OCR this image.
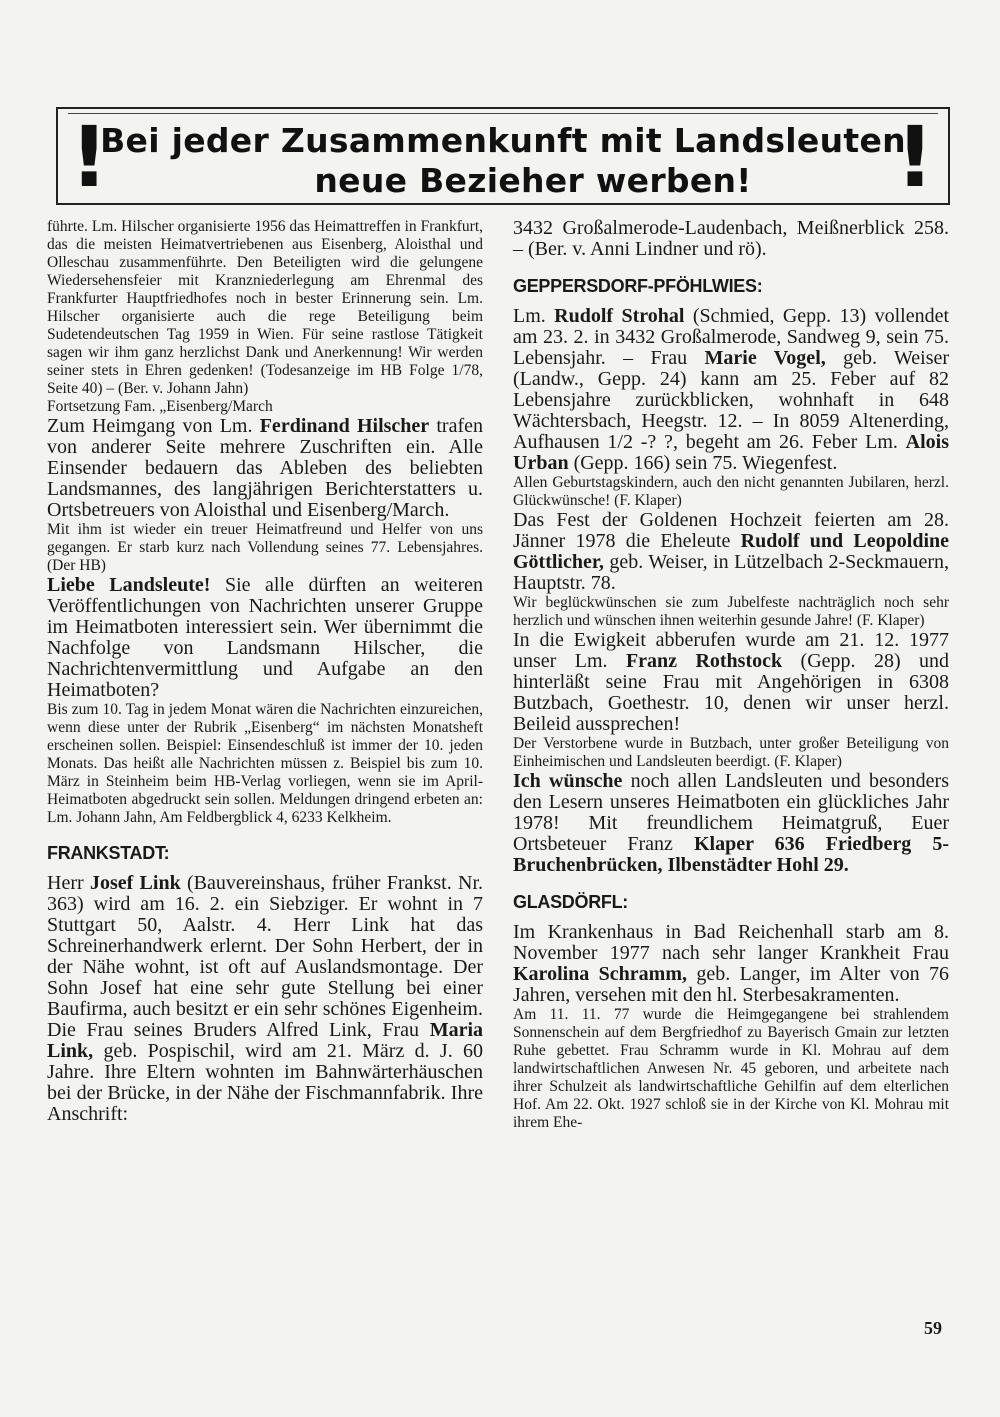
!	!
Bei jeder Zusammenkunft mit Landsleuten
neue Bezieher werben!

führte. Lm. Hilscher organisierte 1956 das Heimattreffen in Frankfurt, das die meisten Heimatvertriebenen aus Eisenberg, Aloisthal und Olleschau zusammenführte. Den Beteiligten wird die gelungene Wiedersehensfeier mit Kranzniederlegung am Ehrenmal des Frankfurter Hauptfriedhofes noch in bester Erinnerung sein. Lm. Hilscher organisierte auch die rege Beteiligung beim Sudetendeutschen Tag 1959 in Wien. Für seine rastlose Tätigkeit sagen wir ihm ganz herzlichst Dank und Anerkennung! Wir werden seiner stets in Ehren gedenken! (Todesanzeige im HB Folge 1/78, Seite 40) – (Ber. v. Johann Jahn)

Fortsetzung Fam. „Eisenberg/March

Zum Heimgang von Lm. Ferdinand Hilscher trafen von anderer Seite mehrere Zuschriften ein. Alle Einsender bedauern das Ableben des beliebten Landsmannes, des langjährigen Berichterstatters u. Ortsbetreuers von Aloisthal und Eisenberg/March.

Mit ihm ist wieder ein treuer Heimatfreund und Helfer von uns gegangen. Er starb kurz nach Vollendung seines 77. Lebensjahres. (Der HB)

Liebe Landsleute! Sie alle dürften an weiteren Veröffentlichungen von Nachrichten unserer Gruppe im Heimatboten interessiert sein. Wer übernimmt die Nachfolge von Landsmann Hilscher, die Nachrichtenvermittlung und Aufgabe an den Heimatboten?

Bis zum 10. Tag in jedem Monat wären die Nachrichten einzureichen, wenn diese unter der Rubrik „Eisenberg“ im nächsten Monatsheft erscheinen sollen. Beispiel: Einsendeschluß ist immer der 10. jeden Monats. Das heißt alle Nachrichten müssen z. Beispiel bis zum 10. März in Steinheim beim HB-Verlag vorliegen, wenn sie im April-Heimatboten abgedruckt sein sollen. Meldungen dringend erbeten an: Lm. Johann Jahn, Am Feldbergblick 4, 6233 Kelkheim.

FRANKSTADT:

Herr Josef Link (Bauvereinshaus, früher Frankst. Nr. 363) wird am 16. 2. ein Siebziger. Er wohnt in 7 Stuttgart 50, Aalstr. 4. Herr Link hat das Schreinerhandwerk erlernt. Der Sohn Herbert, der in der Nähe wohnt, ist oft auf Auslandsmontage. Der Sohn Josef hat eine sehr gute Stellung bei einer Baufirma, auch besitzt er ein sehr schönes Eigenheim. Die Frau seines Bruders Alfred Link, Frau Maria Link, geb. Pospischil, wird am 21. März d. J. 60 Jahre. Ihre Eltern wohnten im Bahnwärterhäuschen bei der Brücke, in der Nähe der Fischmannfabrik. Ihre Anschrift:

3432 Großalmerode-Laudenbach, Meißnerblick 258. – (Ber. v. Anni Lindner und rö).

GEPPERSDORF-PFÖHLWIES:

Lm. Rudolf Strohal (Schmied, Gepp. 13) vollendet am 23. 2. in 3432 Großalmerode, Sandweg 9, sein 75. Lebensjahr. – Frau Marie Vogel, geb. Weiser (Landw., Gepp. 24) kann am 25. Feber auf 82 Lebensjahre zurückblicken, wohnhaft in 648 Wächtersbach, Heegstr. 12. – In 8059 Altenerding, Aufhausen 1/2 -? ?, begeht am 26. Feber Lm. Alois Urban (Gepp. 166) sein 75. Wiegenfest.

Allen Geburtstagskindern, auch den nicht genannten Jubilaren, herzl. Glückwünsche! (F. Klaper)

Das Fest der Goldenen Hochzeit feierten am 28. Jänner 1978 die Eheleute Rudolf und Leopoldine Göttlicher, geb. Weiser, in Lützelbach 2-Seckmauern, Hauptstr. 78.

Wir beglückwünschen sie zum Jubelfeste nachträglich noch sehr herzlich und wünschen ihnen weiterhin gesunde Jahre! (F. Klaper)

In die Ewigkeit abberufen wurde am 21. 12. 1977 unser Lm. Franz Rothstock (Gepp. 28) und hinterläßt seine Frau mit Angehörigen in 6308 Butzbach, Goethestr. 10, denen wir unser herzl. Beileid aussprechen!

Der Verstorbene wurde in Butzbach, unter großer Beteiligung von Einheimischen und Landsleuten beerdigt. (F. Klaper)

Ich wünsche noch allen Landsleuten und besonders den Lesern unseres Heimatboten ein glückliches Jahr 1978! Mit freundlichem Heimatgruß, Euer Ortsbeteuer Franz Klaper 636 Friedberg 5-Bruchenbrücken, Ilbenstädter Hohl 29.

GLASDÖRFL:

Im Krankenhaus in Bad Reichenhall starb am 8. November 1977 nach sehr langer Krankheit Frau Karolina Schramm, geb. Langer, im Alter von 76 Jahren, versehen mit den hl. Sterbesakramenten.

Am 11. 11. 77 wurde die Heimgegangene bei strahlendem Sonnenschein auf dem Bergfriedhof zu Bayerisch Gmain zur letzten Ruhe gebettet. Frau Schramm wurde in Kl. Mohrau auf dem landwirtschaftlichen Anwesen Nr. 45 geboren, und arbeitete nach ihrer Schulzeit als landwirtschaftliche Gehilfin auf dem elterlichen Hof. Am 22. Okt. 1927 schloß sie in der Kirche von Kl. Mohrau mit ihrem Ehe-

59
